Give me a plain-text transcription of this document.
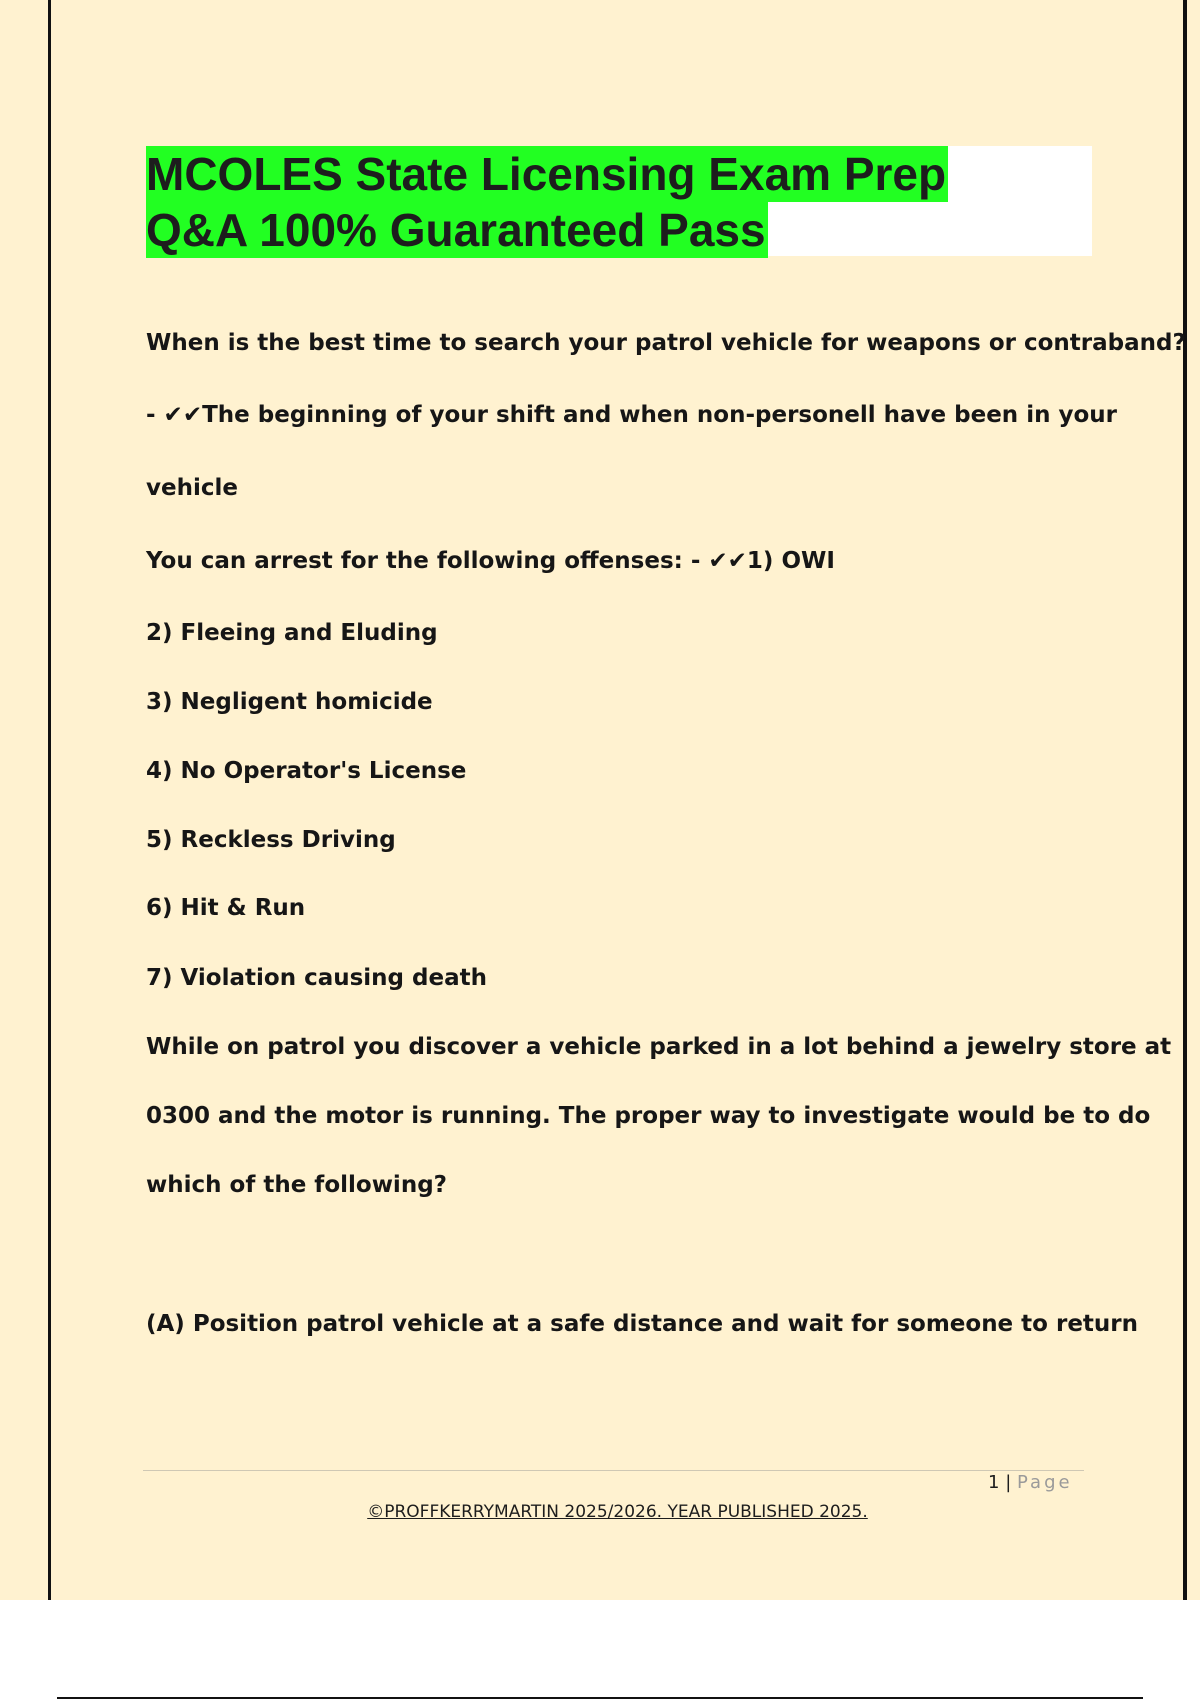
MCOLES State Licensing Exam Prep
Q&A 100% Guaranteed Pass

When is the best time to search your patrol vehicle for weapons or contraband?

- ✔✔The beginning of your shift and when non-personell have been in your

vehicle

You can arrest for the following offenses: - ✔✔1) OWI

2) Fleeing and Eluding

3) Negligent homicide

4) No Operator's License

5) Reckless Driving

6) Hit & Run

7) Violation causing death

While on patrol you discover a vehicle parked in a lot behind a jewelry store at

0300 and the motor is running. The proper way to investigate would be to do

which of the following?

(A) Position patrol vehicle at a safe distance and wait for someone to return

1 | Page
©PROFFKERRYMARTIN 2025/2026. YEAR PUBLISHED 2025.
